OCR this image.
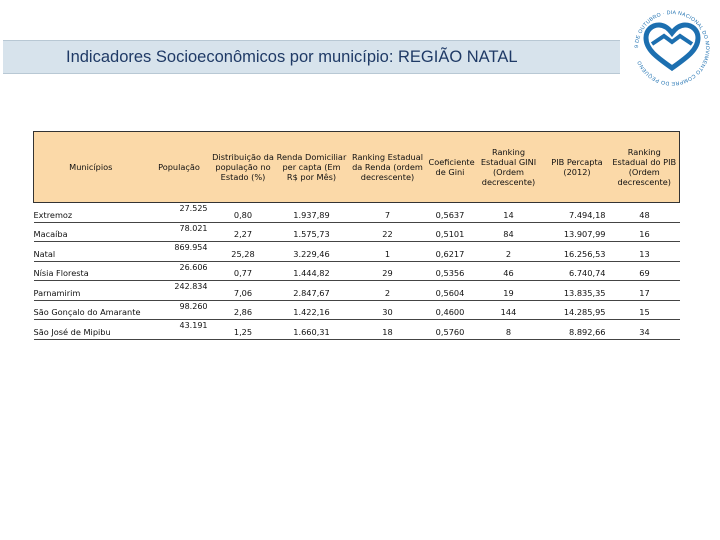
Indicadores Socioeconômicos por município: REGIÃO NATAL
9 DE OUTUBRO · DIA NACIONAL DO MOVIMENTO COMPRE DO PEQUENO
Municípios	População	Distribuição da população no Estado (%)	Renda Domiciliar per capta (Em R$ por Mês)	Ranking Estadual da Renda (ordem decrescente)	Coeficiente de Gini	Ranking Estadual GINI (Ordem decrescente)	PIB Percapta (2012)	Ranking Estadual do PIB (Ordem decrescente)
Extremoz	27.525	0,80	1.937,89	7	0,5637	14	7.494,18	48
Macaíba	78.021	2,27	1.575,73	22	0,5101	84	13.907,99	16
Natal	869.954	25,28	3.229,46	1	0,6217	2	16.256,53	13
Nísia Floresta	26.606	0,77	1.444,82	29	0,5356	46	6.740,74	69
Parnamirim	242.834	7,06	2.847,67	2	0,5604	19	13.835,35	17
São Gonçalo do Amarante	98.260	2,86	1.422,16	30	0,4600	144	14.285,95	15
São José de Mipibu	43.191	1,25	1.660,31	18	0,5760	8	8.892,66	34
